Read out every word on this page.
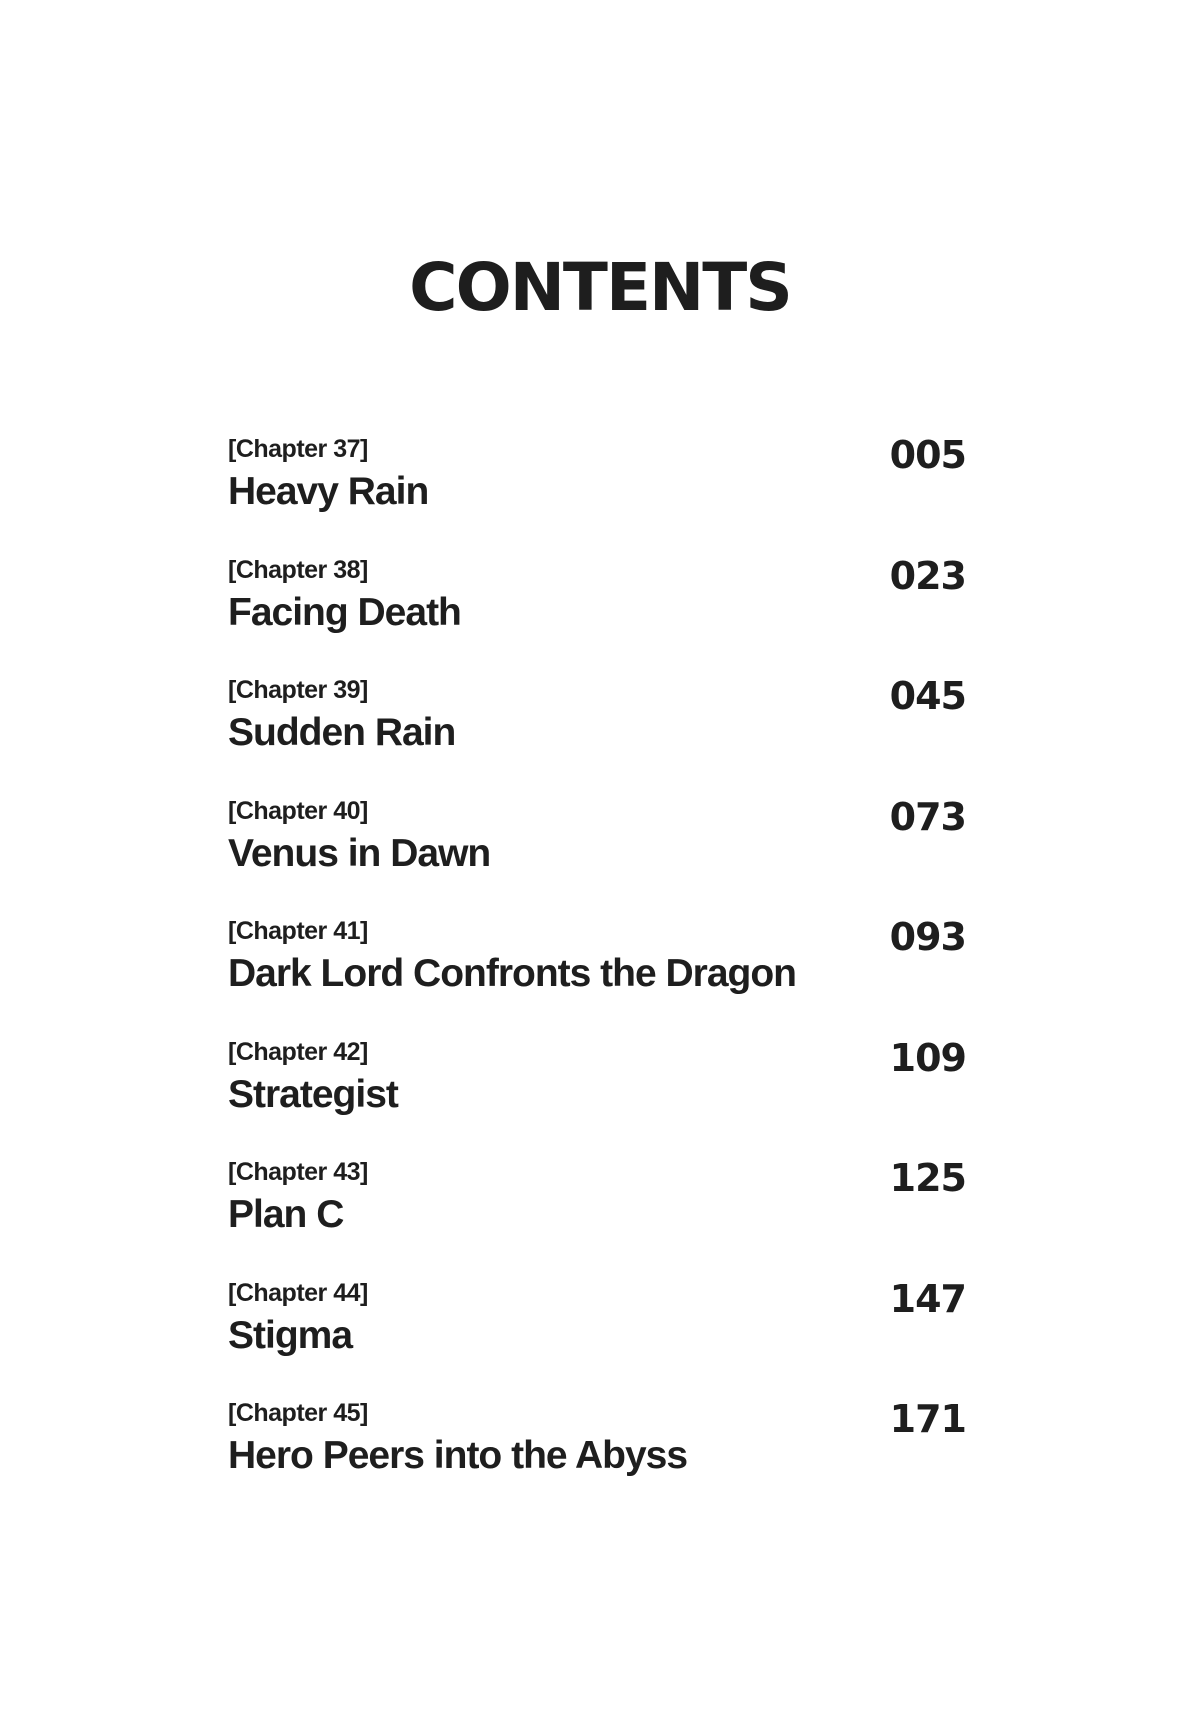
CONTENTS
[Chapter 37]
Heavy Rain
005
[Chapter 38]
Facing Death
023
[Chapter 39]
Sudden Rain
045
[Chapter 40]
Venus in Dawn
073
[Chapter 41]
Dark Lord Confronts the Dragon
093
[Chapter 42]
Strategist
109
[Chapter 43]
Plan C
125
[Chapter 44]
Stigma
147
[Chapter 45]
Hero Peers into the Abyss
171
